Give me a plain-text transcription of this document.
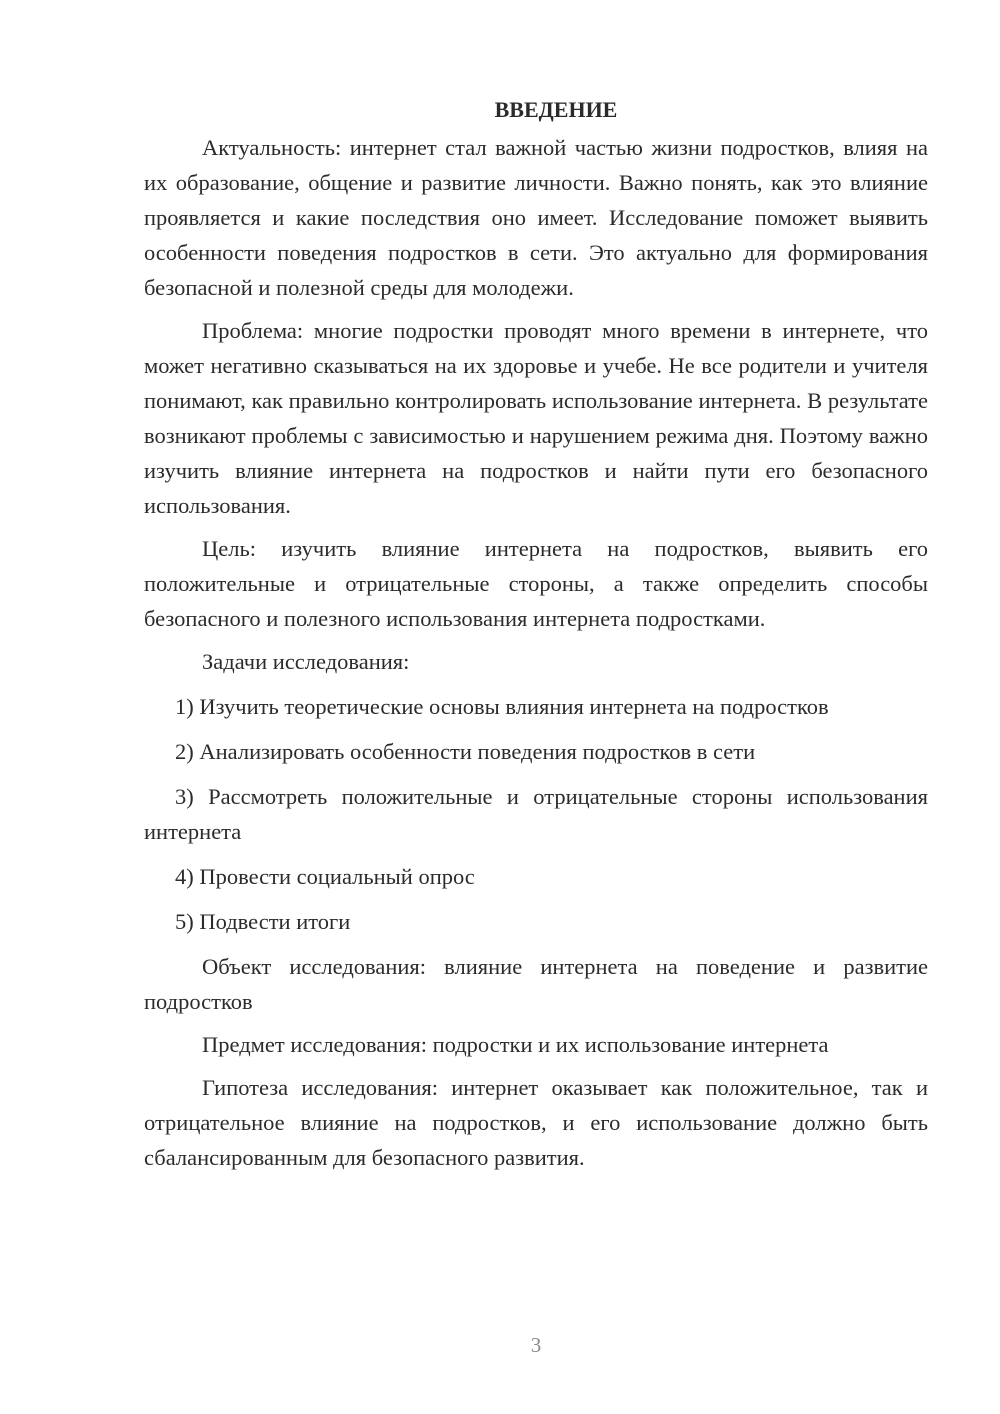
ВВЕДЕНИЕ

Актуальность: интернет стал важной частью жизни подростков, влияя на их образование, общение и развитие личности. Важно понять, как это влияние проявляется и какие последствия оно имеет. Исследование поможет выявить особенности поведения подростков в сети. Это актуально для формирования безопасной и полезной среды для молодежи.

Проблема: многие подростки проводят много времени в интернете, что может негативно сказываться на их здоровье и учебе. Не все родители и учителя понимают, как правильно контролировать использование интернета. В результате возникают проблемы с зависимостью и нарушением режима дня. Поэтому важно изучить влияние интернета на подростков и найти пути его безопасного использования.

Цель: изучить влияние интернета на подростков, выявить его положительные и отрицательные стороны, а также определить способы безопасного и полезного использования интернета подростками.

Задачи исследования:

1) Изучить теоретические основы влияния интернета на подростков

2) Анализировать особенности поведения подростков в сети

3) Рассмотреть положительные и отрицательные стороны использования интернета

4) Провести социальный опрос

5) Подвести итоги

Объект исследования: влияние интернета на поведение и развитие подростков

Предмет исследования: подростки и их использование интернета

Гипотеза исследования: интернет оказывает как положительное, так и отрицательное влияние на подростков, и его использование должно быть сбалансированным для безопасного развития.

3
